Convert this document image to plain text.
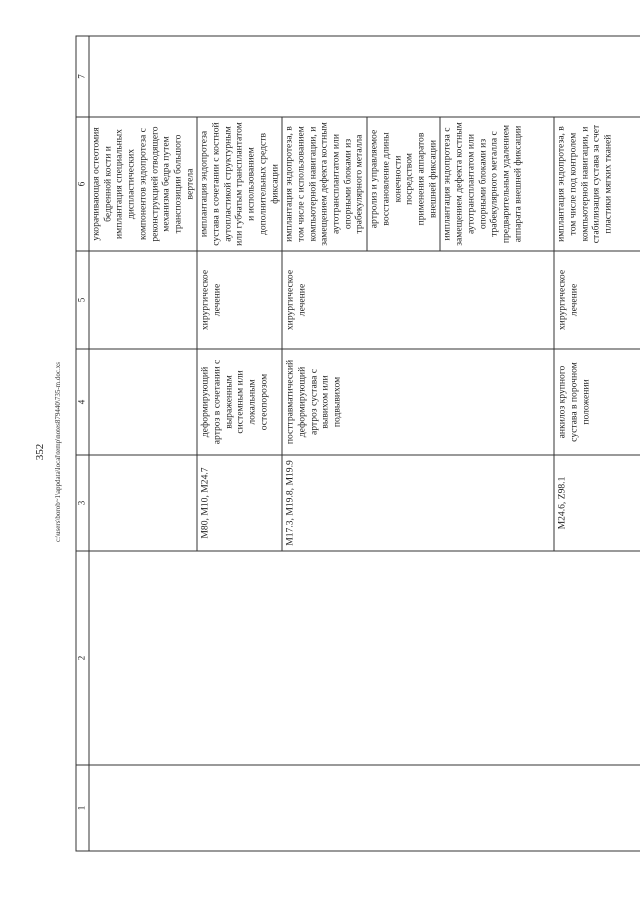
352 c:\users\borob~1\appdata\local\temp\notes879440\735-m.doc.xs
1	2	3	4	5	6	7

					укорачивающая остеотомия бедренной кости и имплантация специальных диспластических компонентов эндопротеза с реконструкцией отводящего механизма бедра путем транспозиции большого вертела	

		M80, M10, M24.7	деформирующий артроз в сочетании с выраженным системным или локальным остеопорозом	хирургическое лечение	имплантация эндопротеза сустава в сочетании с костной аутопластикой структурным или губчатым трансплантатом и использованием дополнительных средств фиксации	

		M17.3, M19.8, M19.9	посттравматический деформирующий артроз сустава с вывихом или подвывихом	хирургическое лечение	имплантация эндопротеза, в том числе с использованием компьютерной навигации, и замещением дефекта костным аутотрансплантатом или опорными блоками из трабекулярного металла артролиз и управляемое восстановление длины конечности посредством применения аппаратов внешней фиксации имплантация эндопротеза с замещением дефекта костным аутотрансплантатом или опорными блоками из трабекулярного металла с предварительным удалением аппарата внешней фиксации	

		M24.6, Z98.1	анкилоз крупного сустава в порочном положении	хирургическое лечение	имплантация эндопротеза, в том числе под контролем компьютерной навигации, и стабилизация сустава за счет пластики мягких тканей	
